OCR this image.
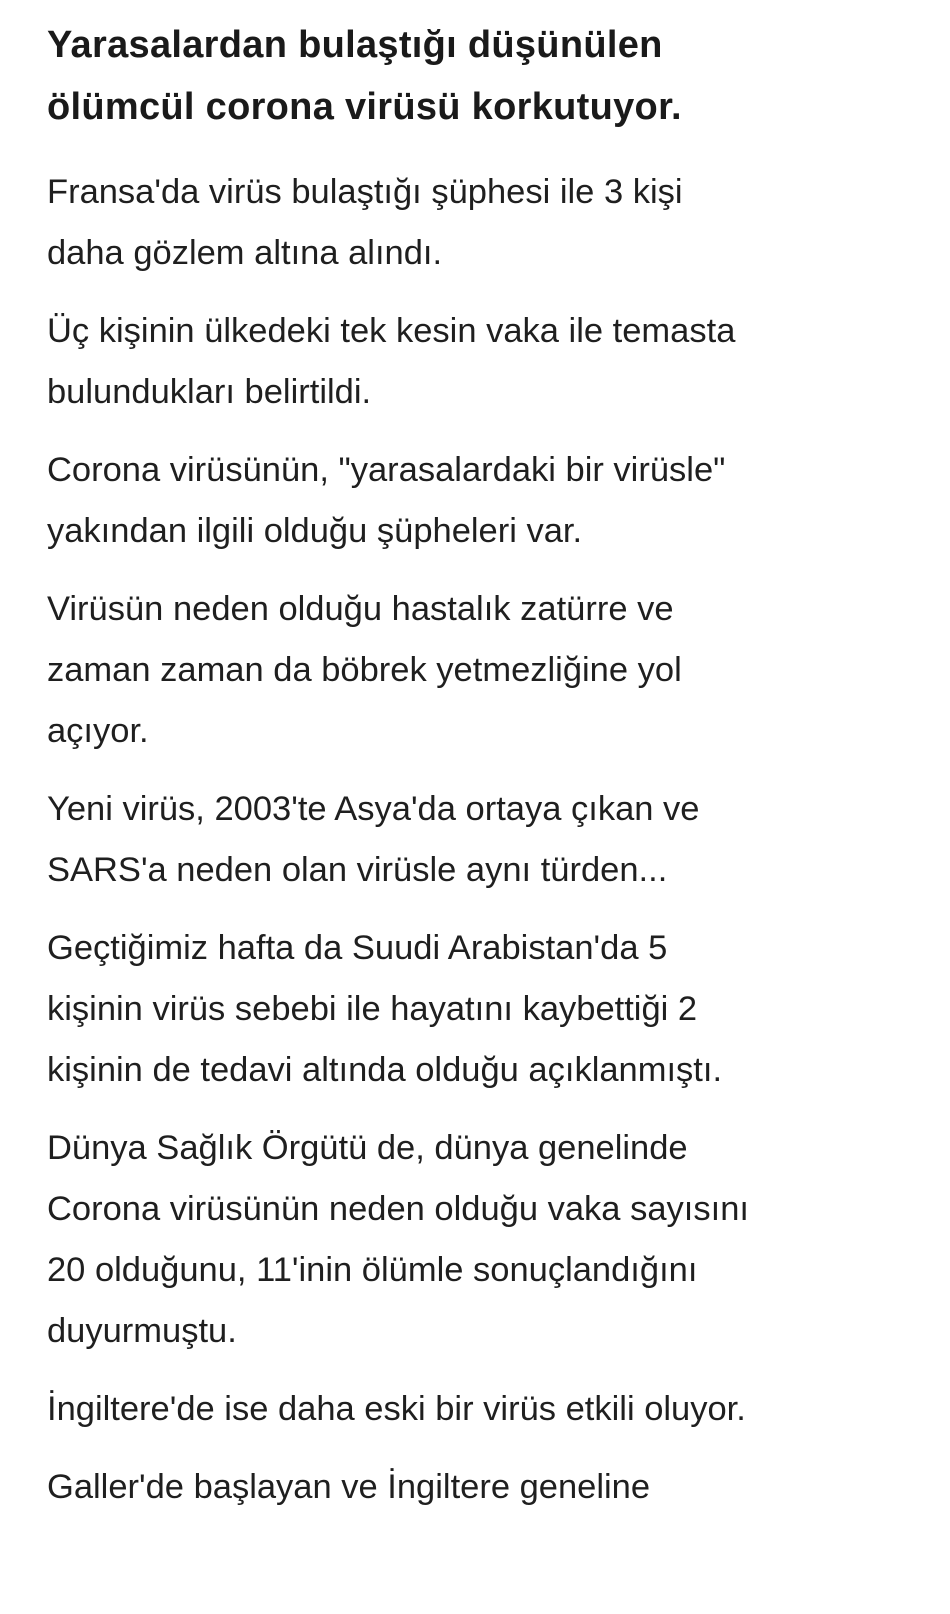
Yarasalardan bulaştığı düşünülen
ölümcül corona virüsü korkutuyor.

Fransa'da virüs bulaştığı şüphesi ile 3 kişi
daha gözlem altına alındı.

Üç kişinin ülkedeki tek kesin vaka ile temasta
bulundukları belirtildi.

Corona virüsünün, "yarasalardaki bir virüsle"
yakından ilgili olduğu şüpheleri var.

Virüsün neden olduğu hastalık zatürre ve
zaman zaman da böbrek yetmezliğine yol
açıyor.

Yeni virüs, 2003'te Asya'da ortaya çıkan ve
SARS'a neden olan virüsle aynı türden...

Geçtiğimiz hafta da Suudi Arabistan'da 5
kişinin virüs sebebi ile hayatını kaybettiği 2
kişinin de tedavi altında olduğu açıklanmıştı.

Dünya Sağlık Örgütü de, dünya genelinde
Corona virüsünün neden olduğu vaka sayısını
20 olduğunu, 11'inin ölümle sonuçlandığını
duyurmuştu.

İngiltere'de ise daha eski bir virüs etkili oluyor.

Galler'de başlayan ve İngiltere geneline
